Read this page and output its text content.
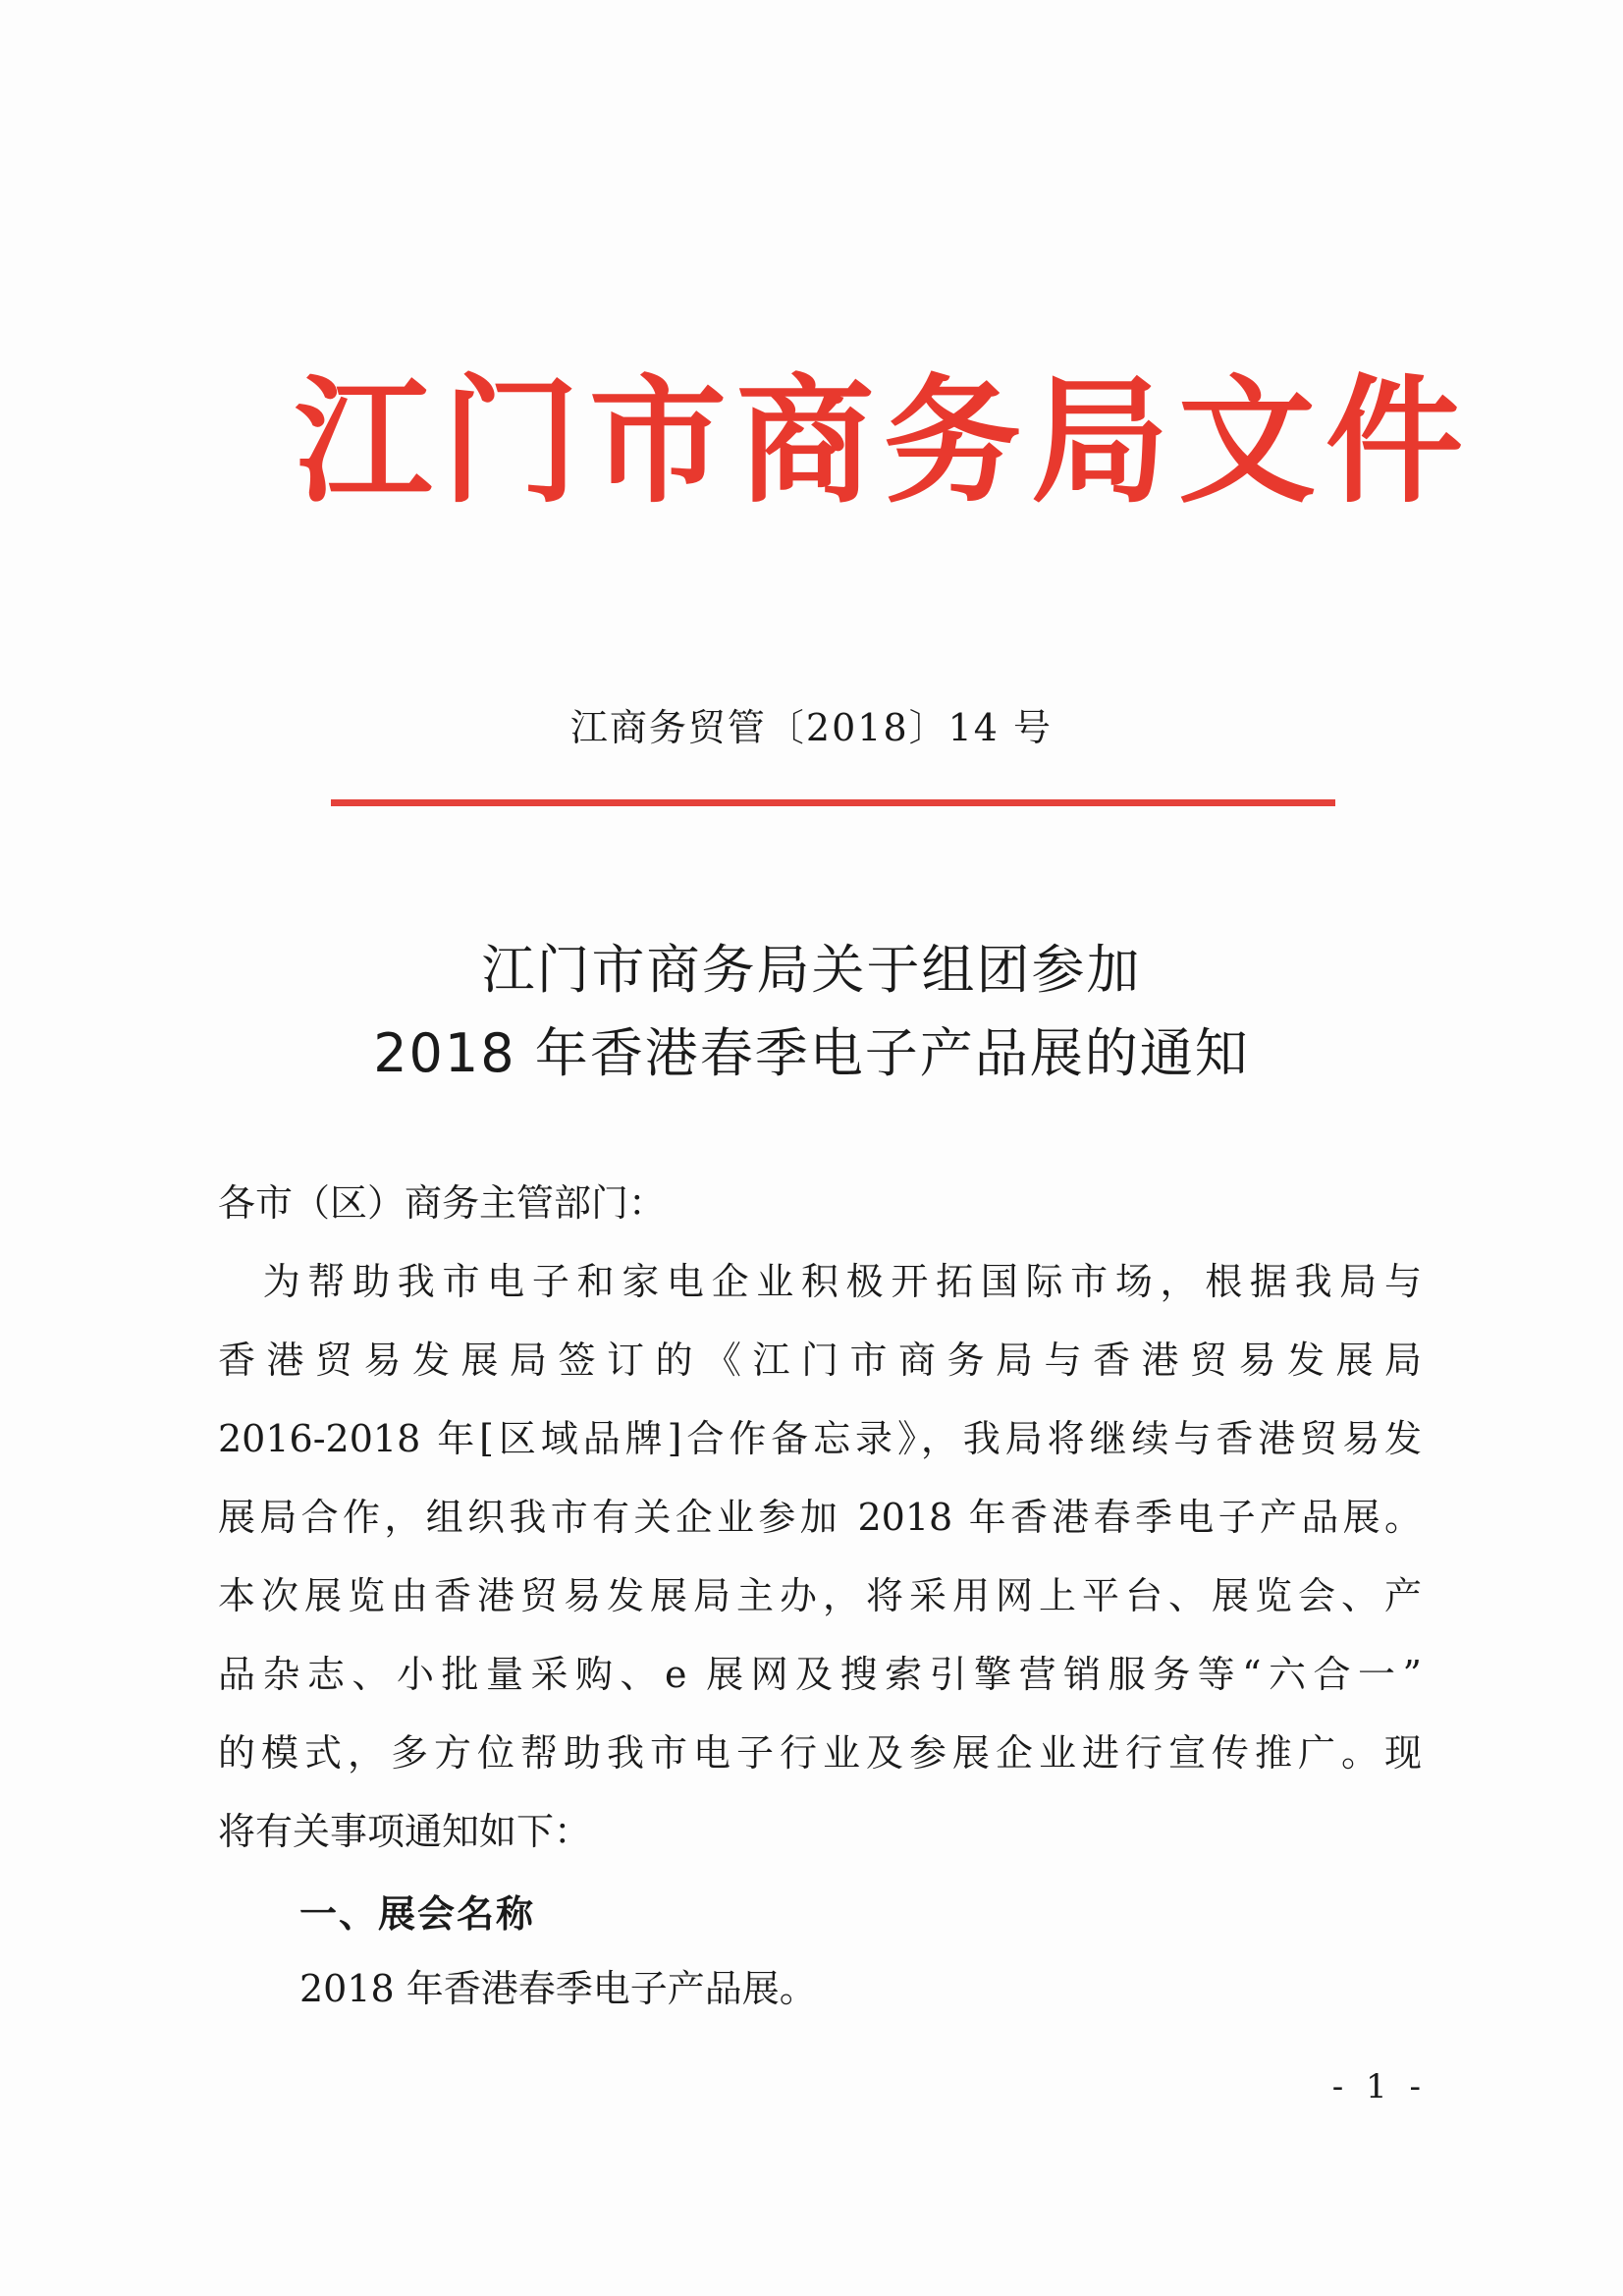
江门市商务局文件
江商务贸管〔2018〕14 号
江门市商务局关于组团参加
2018 年香港春季电子产品展的通知
各市（区）商务主管部门：
　为帮助我市电子和家电企业积极开拓国际市场，根据我局与
香港贸易发展局签订的《江门市商务局与香港贸易发展局
2016-2018 年[区域品牌]合作备忘录》，我局将继续与香港贸易发
展局合作，组织我市有关企业参加 2018 年香港春季电子产品展。
本次展览由香港贸易发展局主办，将采用网上平台、展览会、产
品杂志、小批量采购、e 展网及搜索引擎营销服务等“六合一”
的模式，多方位帮助我市电子行业及参展企业进行宣传推广。现
将有关事项通知如下：
一、展会名称
2018 年香港春季电子产品展。
- 1 -
